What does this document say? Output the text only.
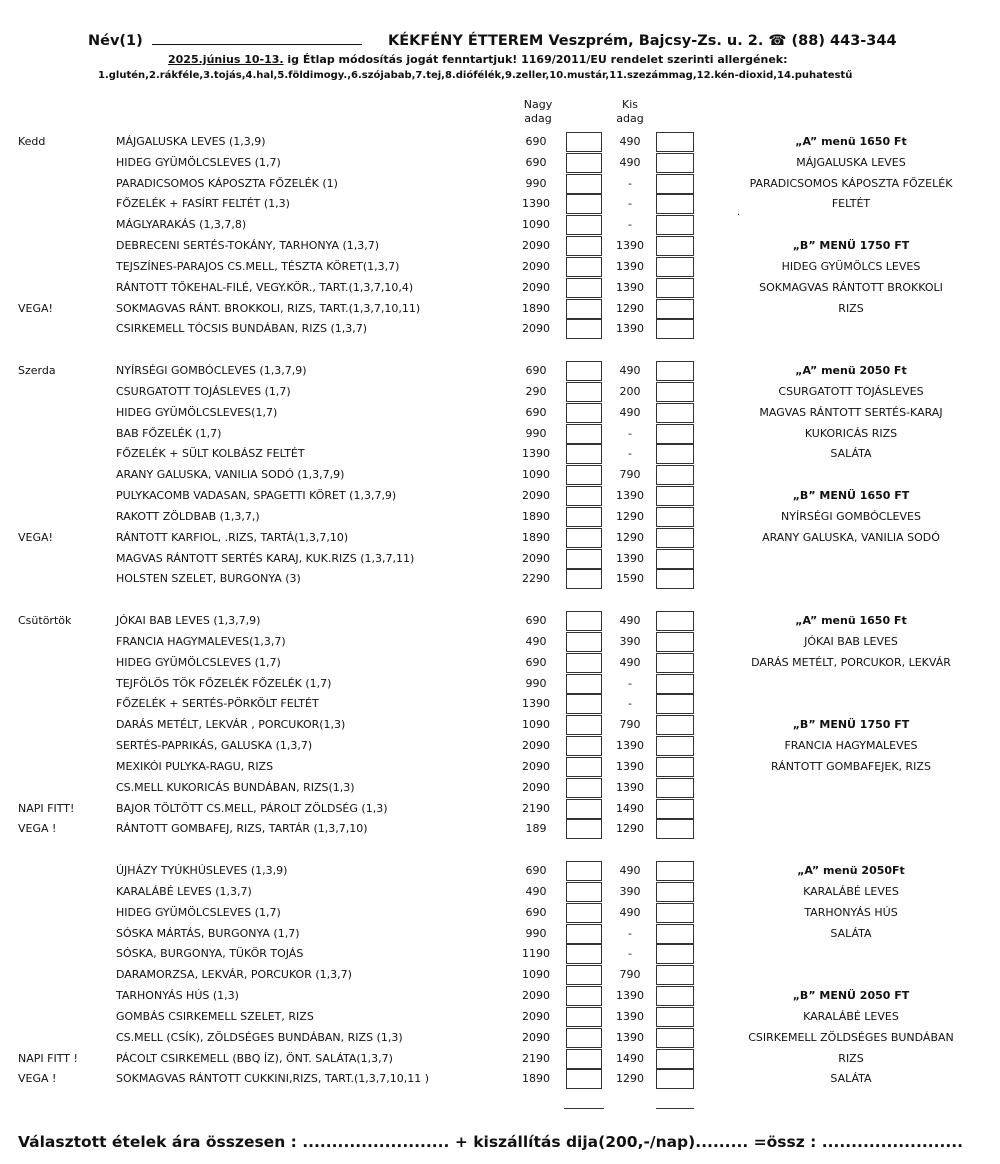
Név(1)	KÉKFÉNY ÉTTEREM Veszprém, Bajcsy-Zs. u. 2. ☎ (88) 443-344
2025.június 10-13. ig Étlap módosítás jogát fenntartjuk! 1169/2011/EU rendelet szerinti allergének:
1.glutén,2.rákféle,3.tojás,4.hal,5.földimogy.,6.szójabab,7.tej,8.diófélék,9.zeller,10.mustár,11.szezámmag,12.kén-dioxid,14.puhatestű
Nagy
adag
Kis
adag
Kedd	MÁJGALUSKA LEVES (1,3,9)	690	490	„A” menü 1650 Ft
HIDEG GYÜMÖLCSLEVES (1,7)	690	490	MÁJGALUSKA LEVES
PARADICSOMOS KÁPOSZTA FŐZELÉK (1)	990	-	PARADICSOMOS KÁPOSZTA FŐZELÉK
FŐZELÉK + FASÍRT FELTÉT (1,3)	1390	-	FELTÉT
MÁGLYARAKÁS (1,3,7,8)	1090	-
DEBRECENI SERTÉS-TOKÁNY, TARHONYA (1,3,7)	2090	1390	„B” MENÜ 1750 FT
TEJSZÍNES-PARAJOS CS.MELL, TÉSZTA KÖRET(1,3,7)	2090	1390	HIDEG GYÜMÖLCS LEVES
RÁNTOTT TŐKEHAL-FILÉ, VEGY.KÖR., TART.(1,3,7,10,4)	2090	1390	SOKMAGVAS RÁNTOTT BROKKOLI
VEGA!	SOKMAGVAS RÁNT. BROKKOLI, RIZS, TART.(1,3,7,10,11)	1890	1290	RIZS
CSIRKEMELL TÓCSIS BUNDÁBAN, RIZS (1,3,7)	2090	1390
Szerda	NYÍRSÉGI GOMBÓCLEVES (1,3,7,9)	690	490	„A” menü 2050 Ft
CSURGATOTT TOJÁSLEVES (1,7)	290	200	CSURGATOTT TOJÁSLEVES
HIDEG GYÜMÖLCSLEVES(1,7)	690	490	MAGVAS RÁNTOTT SERTÉS-KARAJ
BAB FŐZELÉK (1,7)	990	-	KUKORICÁS RIZS
FŐZELÉK + SÜLT KOLBÁSZ FELTÉT	1390	-	SALÁTA
ARANY GALUSKA, VANILIA SODÓ (1,3,7,9)	1090	790
PULYKACOMB VADASAN, SPAGETTI KÖRET (1,3,7,9)	2090	1390	„B” MENÜ 1650 FT
RAKOTT ZÖLDBAB (1,3,7,)	1890	1290	NYÍRSÉGI GOMBÓCLEVES
VEGA!	RÁNTOTT KARFIOL, .RIZS, TARTÁ(1,3,7,10)	1890	1290	ARANY GALUSKA, VANILIA SODÓ
MAGVAS RÁNTOTT SERTÉS KARAJ, KUK.RIZS (1,3,7,11)	2090	1390
HOLSTEN SZELET, BURGONYA (3)	2290	1590
Csütörtök	JÓKAI BAB LEVES (1,3,7,9)	690	490	„A” menü 1650 Ft
FRANCIA HAGYMALEVES(1,3,7)	490	390	JÓKAI BAB LEVES
HIDEG GYÜMÖLCSLEVES (1,7)	690	490	DARÁS METÉLT, PORCUKOR, LEKVÁR
TEJFÖLÖS TÖK FŐZELÉK FŐZELÉK (1,7)	990	-
FŐZELÉK + SERTÉS-PÖRKÖLT FELTÉT	1390	-
DARÁS METÉLT, LEKVÁR , PORCUKOR(1,3)	1090	790	„B” MENÜ 1750 FT
SERTÉS-PAPRIKÁS, GALUSKA (1,3,7)	2090	1390	FRANCIA HAGYMALEVES
MEXIKÓI PULYKA-RAGU, RIZS	2090	1390	RÁNTOTT GOMBAFEJEK, RIZS
CS.MELL KUKORICÁS BUNDÁBAN, RIZS(1,3)	2090	1390
NAPI FITT!	BAJOR TÖLTÖTT CS.MELL, PÁROLT ZÖLDSÉG (1,3)	2190	1490
VEGA !	RÁNTOTT GOMBAFEJ, RIZS, TARTÁR (1,3,7,10)	189	1290
ÚJHÁZY TYÚKHÚSLEVES (1,3,9)	690	490	„A” menü 2050Ft
KARALÁBÉ LEVES (1,3,7)	490	390	KARALÁBÉ LEVES
HIDEG GYÜMÖLCSLEVES (1,7)	690	490	TARHONYÁS HÚS
SÓSKA MÁRTÁS, BURGONYA (1,7)	990	-	SALÁTA
SÓSKA, BURGONYA, TÜKÖR TOJÁS	1190	-
DARAMORZSA, LEKVÁR, PORCUKOR (1,3,7)	1090	790
TARHONYÁS HÚS (1,3)	2090	1390	„B” MENÜ 2050 FT
GOMBÁS CSIRKEMELL SZELET, RIZS	2090	1390	KARALÁBÉ LEVES
CS.MELL (CSÍK), ZÖLDSÉGES BUNDÁBAN, RIZS (1,3)	2090	1390	CSIRKEMELL ZÖLDSÉGES BUNDÁBAN
NAPI FITT !	PÁCOLT CSIRKEMELL (BBQ ÍZ), ÖNT. SALÁTA(1,3,7)	2190	1490	RIZS
VEGA !	SOKMAGVAS RÁNTOTT CUKKINI,RIZS, TART.(1,3,7,10,11 )	1890	1290	SALÁTA
.
Választott ételek ára összesen : ......................... + kiszállítás dija(200,-/nap)......... =össz : ........................
